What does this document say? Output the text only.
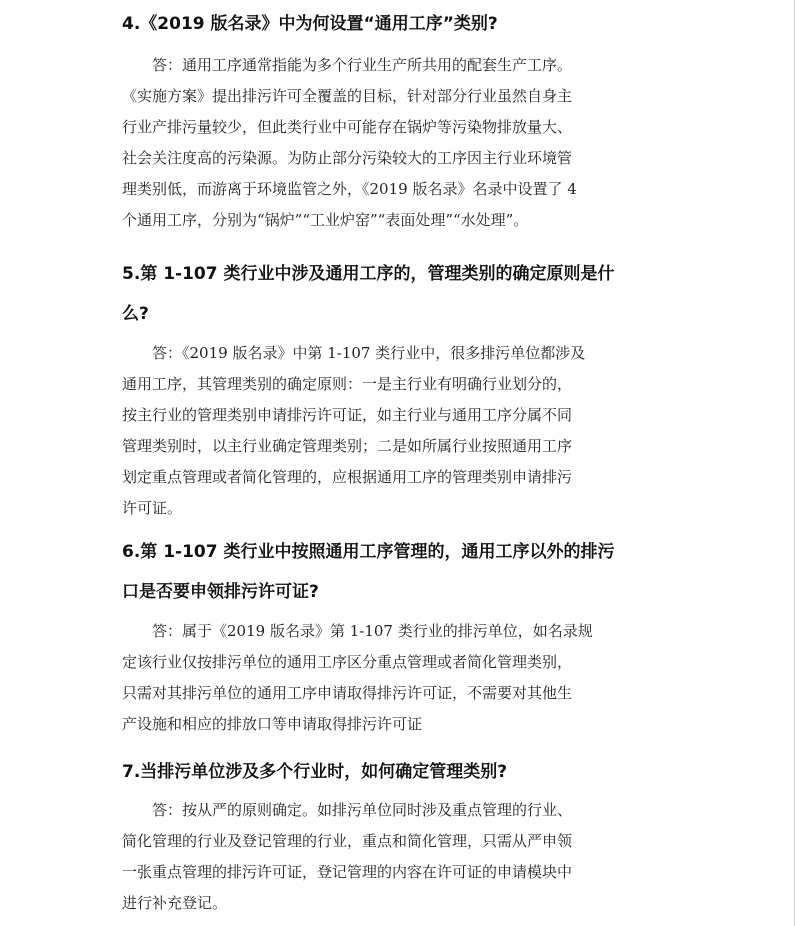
4.《2019 版名录》中为何设置“通用工序”类别?

答：通用工序通常指能为多个行业生产所共用的配套生产工序。
《实施方案》提出排污许可全覆盖的目标，针对部分行业虽然自身主
行业产排污量较少，但此类行业中可能存在锅炉等污染物排放量大、
社会关注度高的污染源。为防止部分污染较大的工序因主行业环境管
理类别低，而游离于环境监管之外，《2019 版名录》名录中设置了 4
个通用工序，分别为“锅炉”“工业炉窑”“表面处理”“水处理”。

5.第 1-107 类行业中涉及通用工序的，管理类别的确定原则是什
么?

答：《2019 版名录》中第 1-107 类行业中，很多排污单位都涉及
通用工序，其管理类别的确定原则：一是主行业有明确行业划分的，
按主行业的管理类别申请排污许可证，如主行业与通用工序分属不同
管理类别时，以主行业确定管理类别；二是如所属行业按照通用工序
划定重点管理或者简化管理的，应根据通用工序的管理类别申请排污
许可证。

6.第 1-107 类行业中按照通用工序管理的，通用工序以外的排污
口是否要申领排污许可证?

答：属于《2019 版名录》第 1-107 类行业的排污单位，如名录规
定该行业仅按排污单位的通用工序区分重点管理或者简化管理类别，
只需对其排污单位的通用工序申请取得排污许可证，不需要对其他生
产设施和相应的排放口等申请取得排污许可证

7.当排污单位涉及多个行业时，如何确定管理类别?

答：按从严的原则确定。如排污单位同时涉及重点管理的行业、
简化管理的行业及登记管理的行业，重点和简化管理，只需从严申领
一张重点管理的排污许可证，登记管理的内容在许可证的申请模块中
进行补充登记。
